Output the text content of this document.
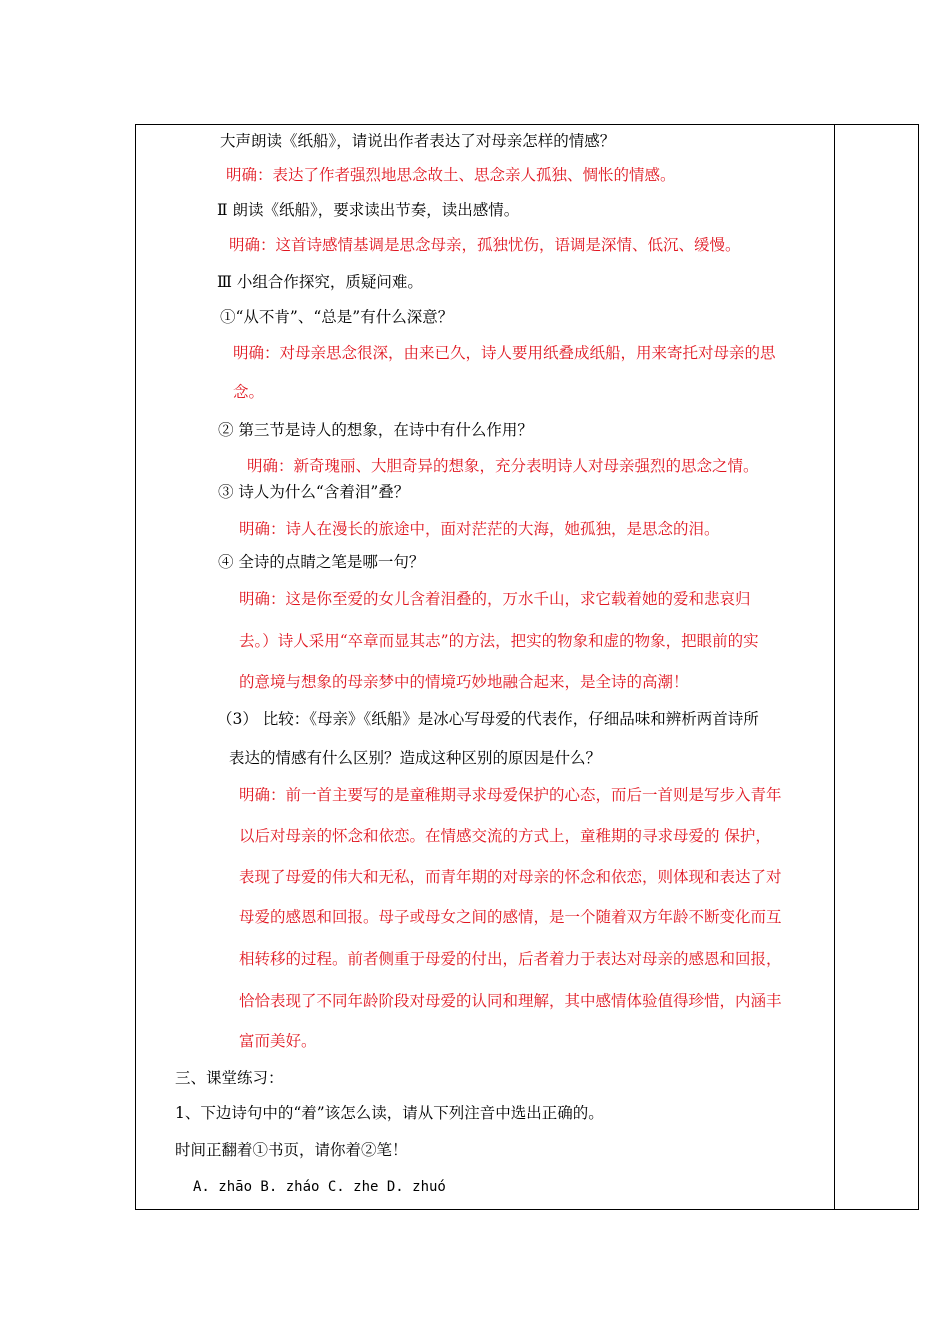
大声朗读《纸船》，请说出作者表达了对母亲怎样的情感？
明确：表达了作者强烈地思念故土、思念亲人孤独、惆怅的情感。
Ⅱ 朗读《纸船》，要求读出节奏，读出感情。
明确：这首诗感情基调是思念母亲，孤独忧伤，语调是深情、低沉、缓慢。
Ⅲ 小组合作探究，质疑问难。
①“从不肯”、“总是”有什么深意？
明确：对母亲思念很深，由来已久，诗人要用纸叠成纸船，用来寄托对母亲的思
念。
② 第三节是诗人的想象，在诗中有什么作用？
明确：新奇瑰丽、大胆奇异的想象，充分表明诗人对母亲强烈的思念之情。
③ 诗人为什么“含着泪”叠？
明确：诗人在漫长的旅途中，面对茫茫的大海，她孤独，是思念的泪。
④ 全诗的点睛之笔是哪一句？
明确：这是你至爱的女儿含着泪叠的，万水千山，求它载着她的爱和悲哀归
去。）诗人采用“卒章而显其志”的方法，把实的物象和虚的物象，把眼前的实
的意境与想象的母亲梦中的情境巧妙地融合起来，是全诗的高潮！
（3） 比较：《母亲》《纸船》是冰心写母爱的代表作，仔细品味和辨析两首诗所
表达的情感有什么区别？造成这种区别的原因是什么？
明确：前一首主要写的是童稚期寻求母爱保护的心态，而后一首则是写步入青年
以后对母亲的怀念和依恋。在情感交流的方式上，童稚期的寻求母爱的 保护，
表现了母爱的伟大和无私，而青年期的对母亲的怀念和依恋，则体现和表达了对
母爱的感恩和回报。母子或母女之间的感情，是一个随着双方年龄不断变化而互
相转移的过程。前者侧重于母爱的付出，后者着力于表达对母亲的感恩和回报，
恰恰表现了不同年龄阶段对母爱的认同和理解，其中感情体验值得珍惜，内涵丰
富而美好。
三、课堂练习：
1、下边诗句中的“着”该怎么读，请从下列注音中选出正确的。
时间正翻着①书页，请你着②笔！
A. zhāo B. zháo C. zhe D. zhuó
